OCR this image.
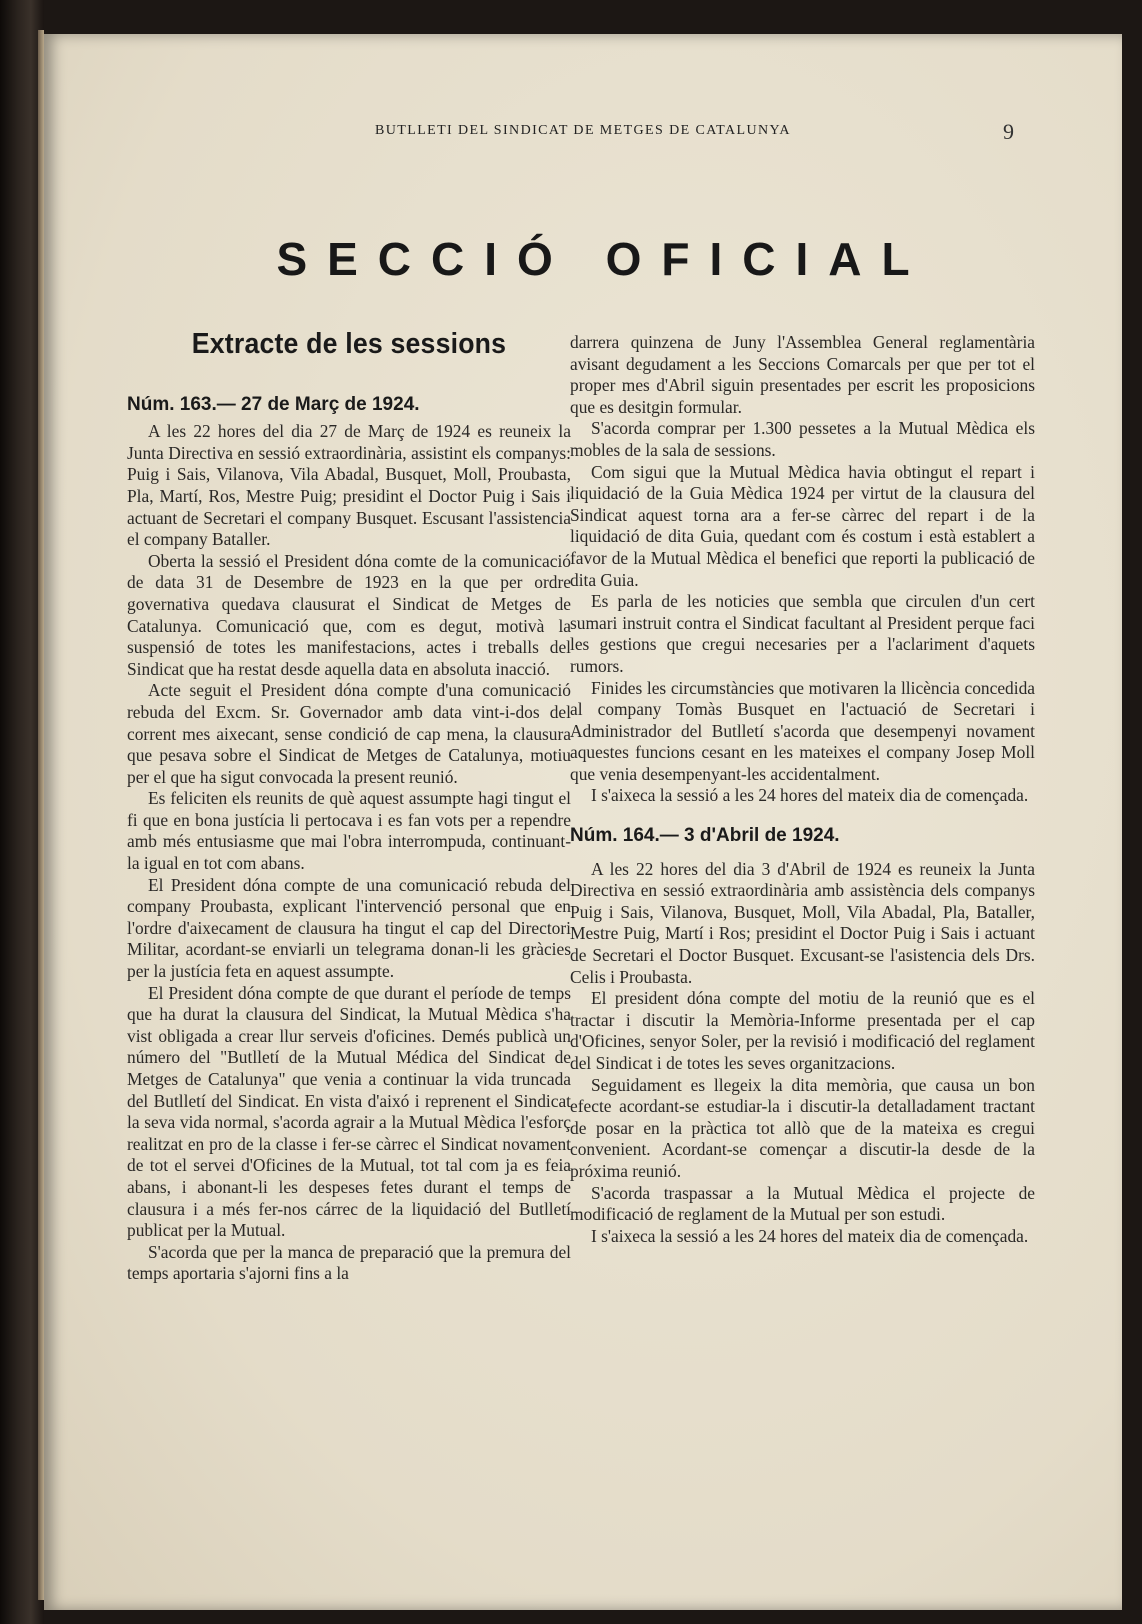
BUTLLETI DEL SINDICAT DE METGES DE CATALUNYA	9
SECCIÓ OFICIAL
Extracte de les sessions
Núm. 163.— 27 de Març de 1924.

A les 22 hores del dia 27 de Març de 1924 es reuneix la Junta Directiva en sessió extraordinària, assistint els companys: Puig i Sais, Vilanova, Vila Abadal, Busquet, Moll, Proubasta, Pla, Martí, Ros, Mestre Puig; presidint el Doctor Puig i Sais i actuant de Secretari el company Busquet. Escusant l'assistencia el company Bataller.

Oberta la sessió el President dóna comte de la comunicació de data 31 de Desembre de 1923 en la que per ordre governativa quedava clausurat el Sindicat de Metges de Catalunya. Comunicació que, com es degut, motivà la suspensió de totes les manifestacions, actes i treballs del Sindicat que ha restat desde aquella data en absoluta inacció.

Acte seguit el President dóna compte d'una comunicació rebuda del Excm. Sr. Governador amb data vint-i-dos del corrent mes aixecant, sense condició de cap mena, la clausura que pesava sobre el Sindicat de Metges de Catalunya, motiu per el que ha sigut convocada la present reunió.

Es feliciten els reunits de què aquest assumpte hagi tingut el fi que en bona justícia li pertocava i es fan vots per a rependre amb més entusiasme que mai l'obra interrompuda, continuant-la igual en tot com abans.

El President dóna compte de una comunicació rebuda del company Proubasta, explicant l'intervenció personal que en l'ordre d'aixecament de clausura ha tingut el cap del Directori Militar, acordant-se enviarli un telegrama donan-li les gràcies per la justícia feta en aquest assumpte.

El President dóna compte de que durant el període de temps que ha durat la clausura del Sindicat, la Mutual Mèdica s'ha vist obligada a crear llur serveis d'oficines. Demés publicà un número del "Butlletí de la Mutual Médica del Sindicat de Metges de Catalunya" que venia a continuar la vida truncada del Butlletí del Sindicat. En vista d'aixó i reprenent el Sindicat la seva vida normal, s'acorda agrair a la Mutual Mèdica l'esforç realitzat en pro de la classe i fer-se càrrec el Sindicat novament de tot el servei d'Oficines de la Mutual, tot tal com ja es feia abans, i abonant-li les despeses fetes durant el temps de clausura i a més fer-nos cárrec de la liquidació del Butlletí publicat per la Mutual.

S'acorda que per la manca de preparació que la premura del temps aportaria s'ajorni fins a la

darrera quinzena de Juny l'Assemblea General reglamentària avisant degudament a les Seccions Comarcals per que per tot el proper mes d'Abril siguin presentades per escrit les proposicions que es desitgin formular.

S'acorda comprar per 1.300 pessetes a la Mutual Mèdica els mobles de la sala de sessions.

Com sigui que la Mutual Mèdica havia obtingut el repart i liquidació de la Guia Mèdica 1924 per virtut de la clausura del Sindicat aquest torna ara a fer-se càrrec del repart i de la liquidació de dita Guia, quedant com és costum i està establert a favor de la Mutual Mèdica el benefici que reporti la publicació de dita Guia.

Es parla de les noticies que sembla que circulen d'un cert sumari instruit contra el Sindicat facultant al President perque faci les gestions que cregui necesaries per a l'aclariment d'aquets rumors.

Finides les circumstàncies que motivaren la llicència concedida al company Tomàs Busquet en l'actuació de Secretari i Administrador del Butlletí s'acorda que desempenyi novament aquestes funcions cesant en les mateixes el company Josep Moll que venia desempenyant-les accidentalment.

I s'aixeca la sessió a les 24 hores del mateix dia de començada.

Núm. 164.— 3 d'Abril de 1924.

A les 22 hores del dia 3 d'Abril de 1924 es reuneix la Junta Directiva en sessió extraordinària amb assistència dels companys Puig i Sais, Vilanova, Busquet, Moll, Vila Abadal, Pla, Bataller, Mestre Puig, Martí i Ros; presidint el Doctor Puig i Sais i actuant de Secretari el Doctor Busquet. Excusant-se l'asistencia dels Drs. Celis i Proubasta.

El president dóna compte del motiu de la reunió que es el tractar i discutir la Memòria-Informe presentada per el cap d'Oficines, senyor Soler, per la revisió i modificació del reglament del Sindicat i de totes les seves organitzacions.

Seguidament es llegeix la dita memòria, que causa un bon efecte acordant-se estudiar-la i discutir-la detalladament tractant de posar en la pràctica tot allò que de la mateixa es cregui convenient. Acordant-se començar a discutir-la desde de la próxima reunió.

S'acorda traspassar a la Mutual Mèdica el projecte de modificació de reglament de la Mutual per son estudi.

I s'aixeca la sessió a les 24 hores del mateix dia de començada.
